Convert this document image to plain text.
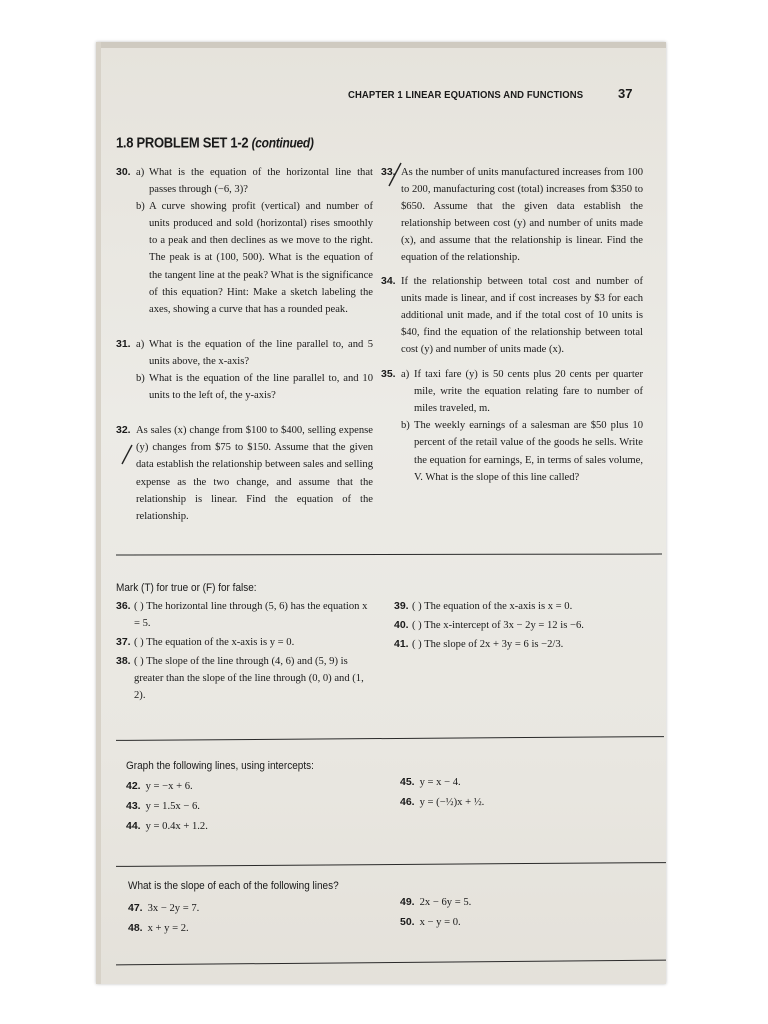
CHAPTER 1 LINEAR EQUATIONS AND FUNCTIONS	37
1.8 PROBLEM SET 1-2 (continued)
30. a) What is the equation of the horizontal line that passes through (−6, 3)?
b) A curve showing profit (vertical) and number of units produced and sold (horizontal) rises smoothly to a peak and then declines as we move to the right. The peak is at (100, 500). What is the equation of the tangent line at the peak? What is the significance of this equation? Hint: Make a sketch labeling the axes, showing a curve that has a rounded peak.
31. a) What is the equation of the line parallel to, and 5 units above, the x-axis?
b) What is the equation of the line parallel to, and 10 units to the left of, the y-axis?
32. As sales (x) change from $100 to $400, selling expense (y) changes from $75 to $150. Assume that the given data establish the relationship between sales and selling expense as the two change, and assume that the relationship is linear. Find the equation of the relationship.
33. As the number of units manufactured increases from 100 to 200, manufacturing cost (total) increases from $350 to $650. Assume that the given data establish the relationship between cost (y) and number of units made (x), and assume that the relationship is linear. Find the equation of the relationship.
34. If the relationship between total cost and number of units made is linear, and if cost increases by $3 for each additional unit made, and if the total cost of 10 units is $40, find the equation of the relationship between total cost (y) and number of units made (x).
35. a) If taxi fare (y) is 50 cents plus 20 cents per quarter mile, write the equation relating fare to number of miles traveled, m.
b) The weekly earnings of a salesman are $50 plus 10 percent of the retail value of the goods he sells. Write the equation for earnings, E, in terms of sales volume, V. What is the slope of this line called?
Mark (T) for true or (F) for false:
36. ( ) The horizontal line through (5, 6) has the equation x = 5.
37. ( ) The equation of the x-axis is y = 0.
38. ( ) The slope of the line through (4, 6) and (5, 9) is greater than the slope of the line through (0, 0) and (1, 2).
39. ( ) The equation of the x-axis is x = 0.
40. ( ) The x-intercept of 3x − 2y = 12 is −6.
41. ( ) The slope of 2x + 3y = 6 is −2/3.
Graph the following lines, using intercepts:
42. y = −x + 6.
43. y = 1.5x − 6.
44. y = 0.4x + 1.2.
45. y = x − 4.
46. y = (−½)x + ½.
What is the slope of each of the following lines?
47. 3x − 2y = 7.
48. x + y = 2.
49. 2x − 6y = 5.
50. x − y = 0.
